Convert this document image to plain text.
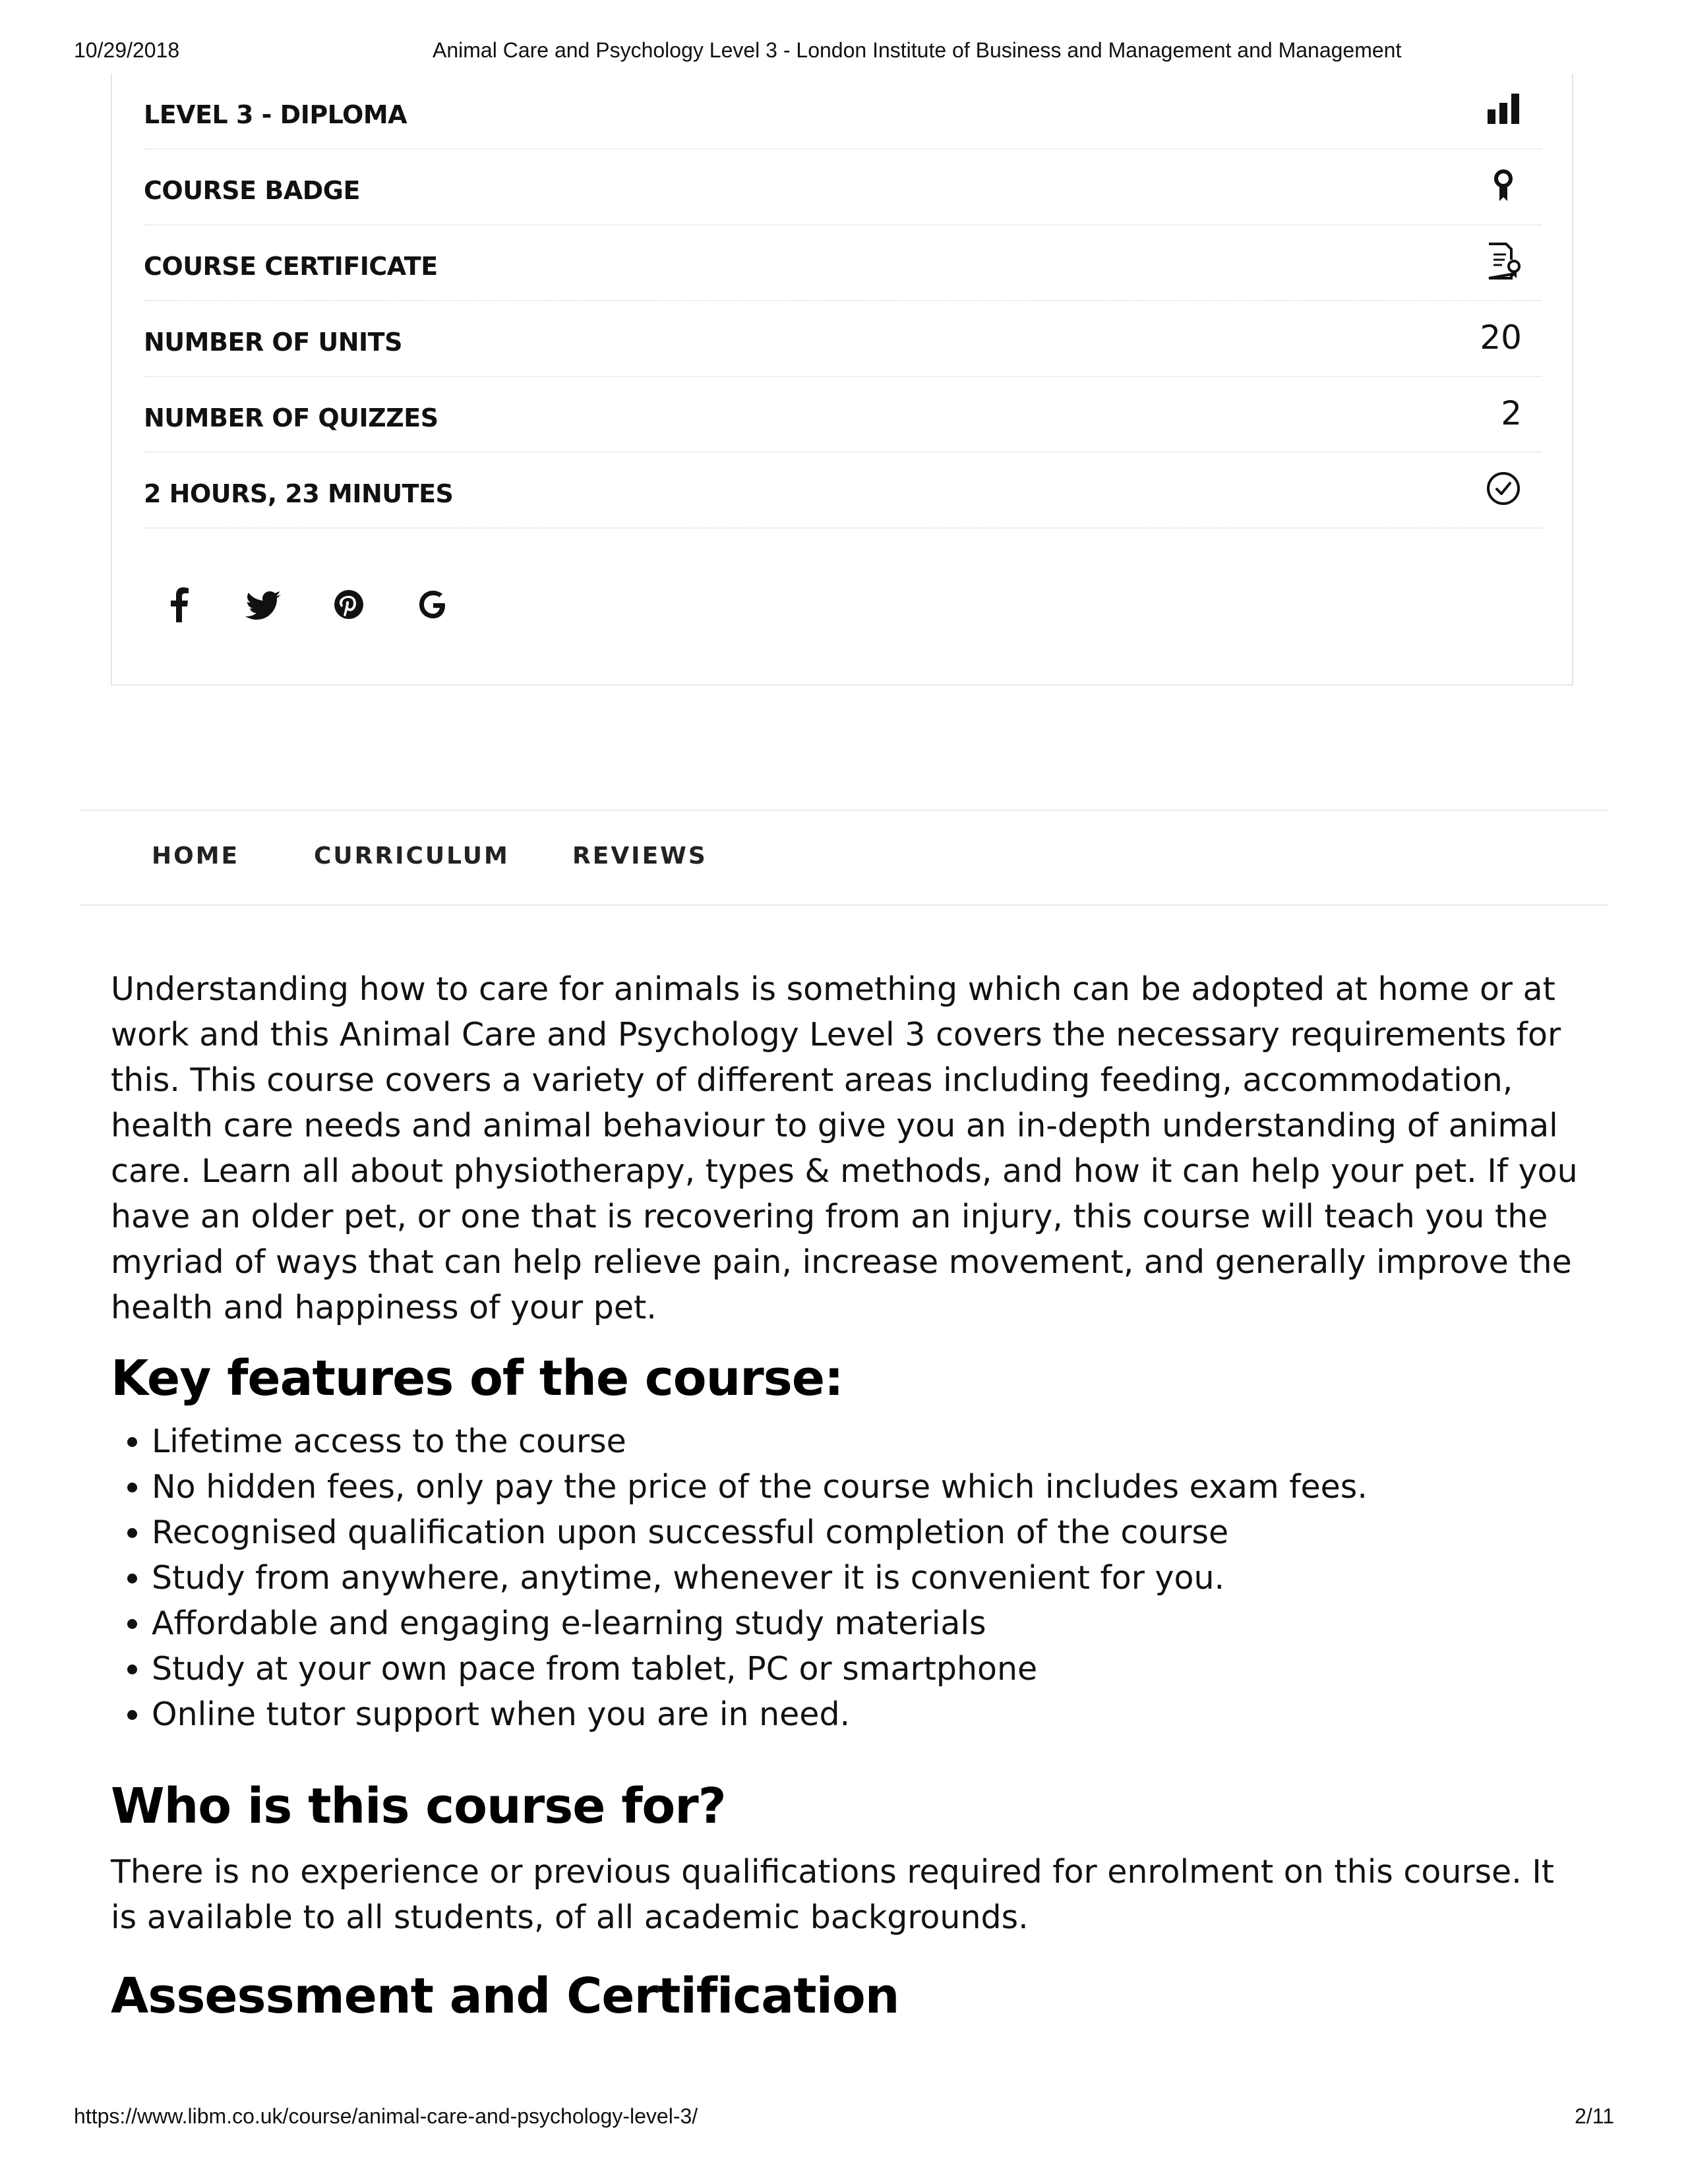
10/29/2018	Animal Care and Psychology Level 3 - London Institute of Business and Management and Management
LEVEL 3 - DIPLOMA
COURSE BADGE
COURSE CERTIFICATE
NUMBER OF UNITS	20
NUMBER OF QUIZZES	2
2 HOURS, 23 MINUTES
HOME	CURRICULUM	REVIEWS

Understanding how to care for animals is something which can be adopted at home or at work and this Animal Care and Psychology Level 3 covers the necessary requirements for this. This course covers a variety of different areas including feeding, accommodation, health care needs and animal behaviour to give you an in-depth understanding of animal care. Learn all about physiotherapy, types & methods, and how it can help your pet. If you have an older pet, or one that is recovering from an injury, this course will teach you the myriad of ways that can help relieve pain, increase movement, and generally improve the health and happiness of your pet.

Key features of the course:
• Lifetime access to the course
• No hidden fees, only pay the price of the course which includes exam fees.
• Recognised qualification upon successful completion of the course
• Study from anywhere, anytime, whenever it is convenient for you.
• Affordable and engaging e-learning study materials
• Study at your own pace from tablet, PC or smartphone
• Online tutor support when you are in need.
Who is this course for?

There is no experience or previous qualifications required for enrolment on this course. It is available to all students, of all academic backgrounds.

Assessment and Certification
https://www.libm.co.uk/course/animal-care-and-psychology-level-3/	2/11
